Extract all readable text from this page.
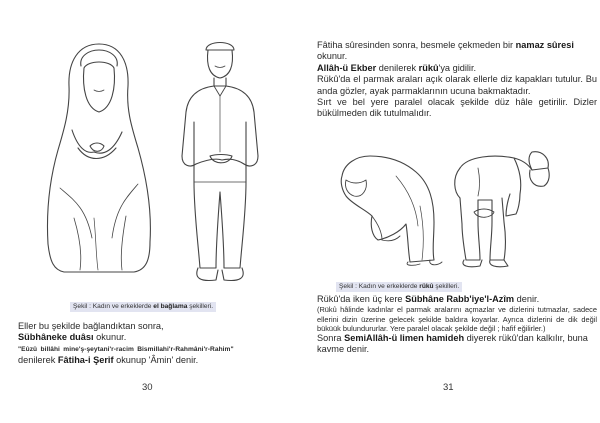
Şekil : Kadın ve erkeklerde el bağlama şekilleri.

Eller bu şekilde bağlandıktan sonra,

Sübhâneke duâsı okunur.

"Eûzü billâhi mine'ş-şeytani'r-racim Bismillahi'r-Rahmâni'r-Rahim"

denilerek Fâtiha-i Şerif okunup 'Âmin' denir.

30

Fâtiha sûresinden sonra, besmele çekmeden bir namaz sûresi okunur.

Allâh-ü Ekber denilerek rükû'ya gidilir.

Rükû'da el parmak araları açık olarak ellerle diz kapakları tutulur. Bu anda gözler, ayak parmaklarının ucuna bakmaktadır.

Sırt ve bel yere paralel olacak şekilde düz hâle getirilir. Dizler bükülmeden dik tutulmalıdır.

Şekil : Kadın ve erkeklerde rükû şekilleri.

Rükû'da iken üç kere Sübhâne Rabb'iye'l-Azîm denir.

(Rükû hâlinde kadınlar el parmak aralarını açmazlar ve dizlerini tutmazlar, sadece ellerini dizin üzerine gelecek şekilde baldıra koyarlar. Ayrıca dizlerini de dik değil büküük bulundururlar. Yere paralel olacak şekilde değil ; hafif eğilirler.)

Sonra SemiAllâh-ü limen hamideh diyerek rükû'dan kalkılır, buna kavme denir.

31
